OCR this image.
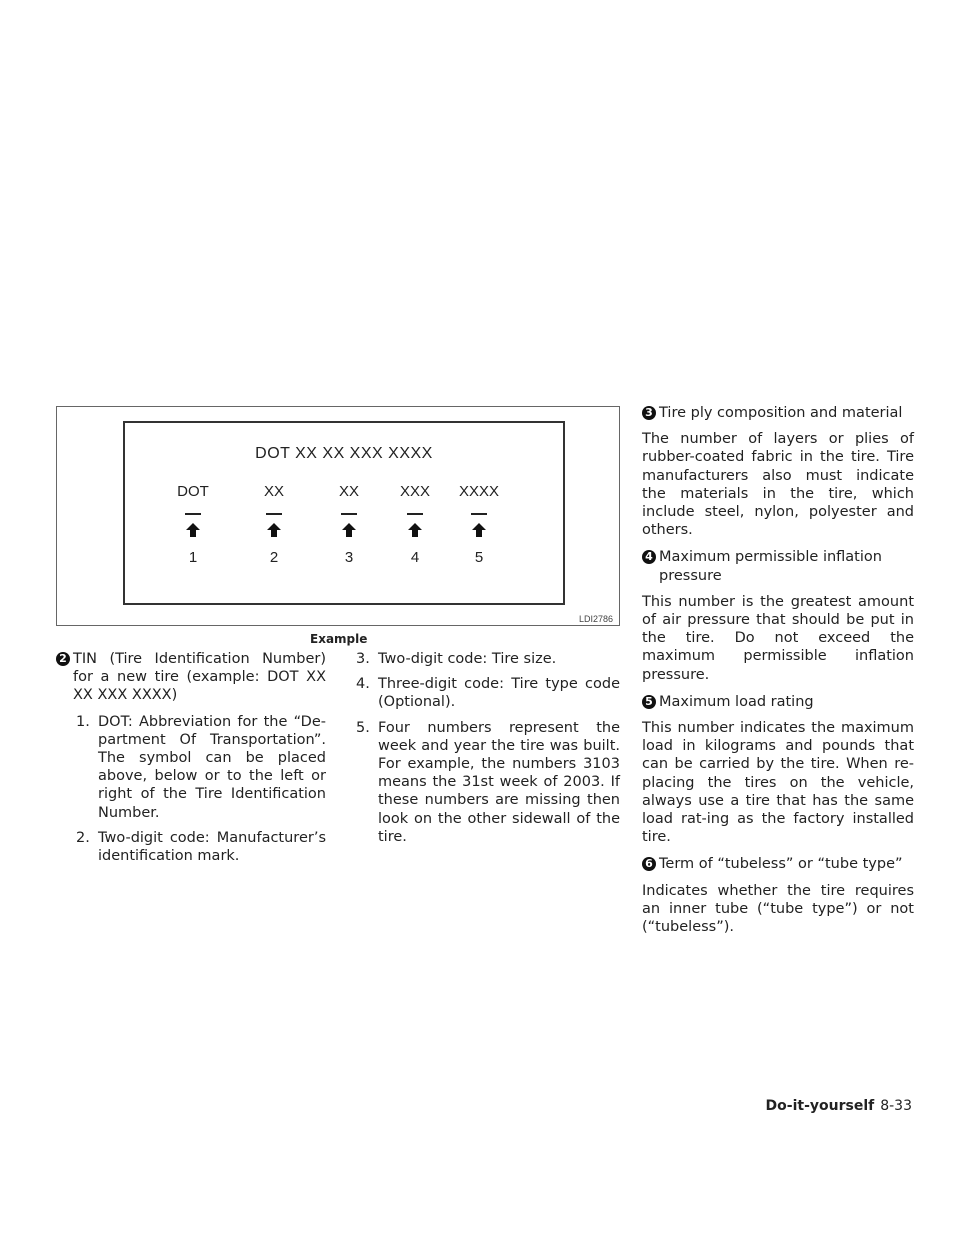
DOT XX XX XXX XXXX
DOT
1
XX
2
XX
3
XXX
4
XXXX
5
LDI2786
Example
2 TIN (Tire Identification Number) for a new tire (example: DOT XX XX XXX XXXX)
1. DOT: Abbreviation for the “De-partment Of Transportation”. The symbol can be placed above, below or to the left or right of the Tire Identification Number.
2. Two-digit code: Manufacturer’s identification mark.
3. Two-digit code: Tire size.
4. Three-digit code: Tire type code (Optional).
5. Four numbers represent the week and year the tire was built. For example, the numbers 3103 means the 31st week of 2003. If these numbers are missing then look on the other sidewall of the tire.
3 Tire ply composition and material

The number of layers or plies of rubber-coated fabric in the tire. Tire manufacturers also must indicate the materials in the tire, which include steel, nylon, polyester and others.

4 Maximum permissible inflation pressure

This number is the greatest amount of air pressure that should be put in the tire. Do not exceed the maximum permissible inflation pressure.

5 Maximum load rating

This number indicates the maximum load in kilograms and pounds that can be carried by the tire. When re-placing the tires on the vehicle, always use a tire that has the same load rat-ing as the factory installed tire.

6 Term of “tubeless” or “tube type”

Indicates whether the tire requires an inner tube (“tube type”) or not (“tubeless”).

Do-it-yourself 8-33
